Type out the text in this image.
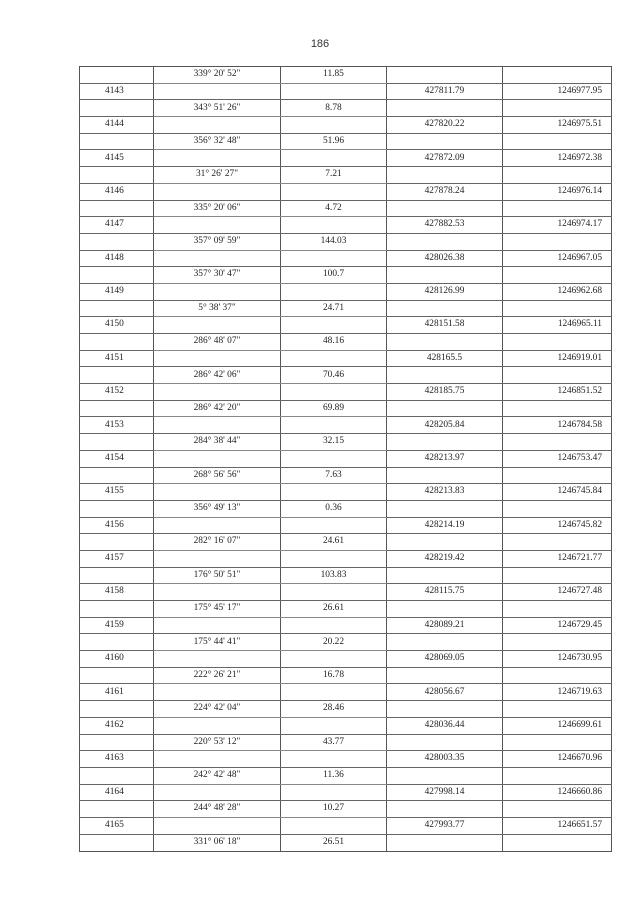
186
	339° 20' 52"	11.85		
4143			427811.79	1246977.95
	343° 51' 26"	8.78		
4144			427820.22	1246975.51
	356° 32' 48"	51.96		
4145			427872.09	1246972.38
	31° 26' 27"	7.21		
4146			427878.24	1246976.14
	335° 20' 06"	4.72		
4147			427882.53	1246974.17
	357° 09' 59"	144.03		
4148			428026.38	1246967.05
	357° 30' 47"	100.7		
4149			428126.99	1246962.68
	5° 38' 37"	24.71		
4150			428151.58	1246965.11
	286° 48' 07"	48.16		
4151			428165.5	1246919.01
	286° 42' 06"	70.46		
4152			428185.75	1246851.52
	286° 42' 20"	69.89		
4153			428205.84	1246784.58
	284° 38' 44"	32.15		
4154			428213.97	1246753.47
	268° 56' 56"	7.63		
4155			428213.83	1246745.84
	356° 49' 13"	0.36		
4156			428214.19	1246745.82
	282° 16' 07"	24.61		
4157			428219.42	1246721.77
	176° 50' 51"	103.83		
4158			428115.75	1246727.48
	175° 45' 17"	26.61		
4159			428089.21	1246729.45
	175° 44' 41"	20.22		
4160			428069.05	1246730.95
	222° 26' 21"	16.78		
4161			428056.67	1246719.63
	224° 42' 04"	28.46		
4162			428036.44	1246699.61
	220° 53' 12"	43.77		
4163			428003.35	1246670.96
	242° 42' 48"	11.36		
4164			427998.14	1246660.86
	244° 48' 28"	10.27		
4165			427993.77	1246651.57
	331° 06' 18"	26.51		
